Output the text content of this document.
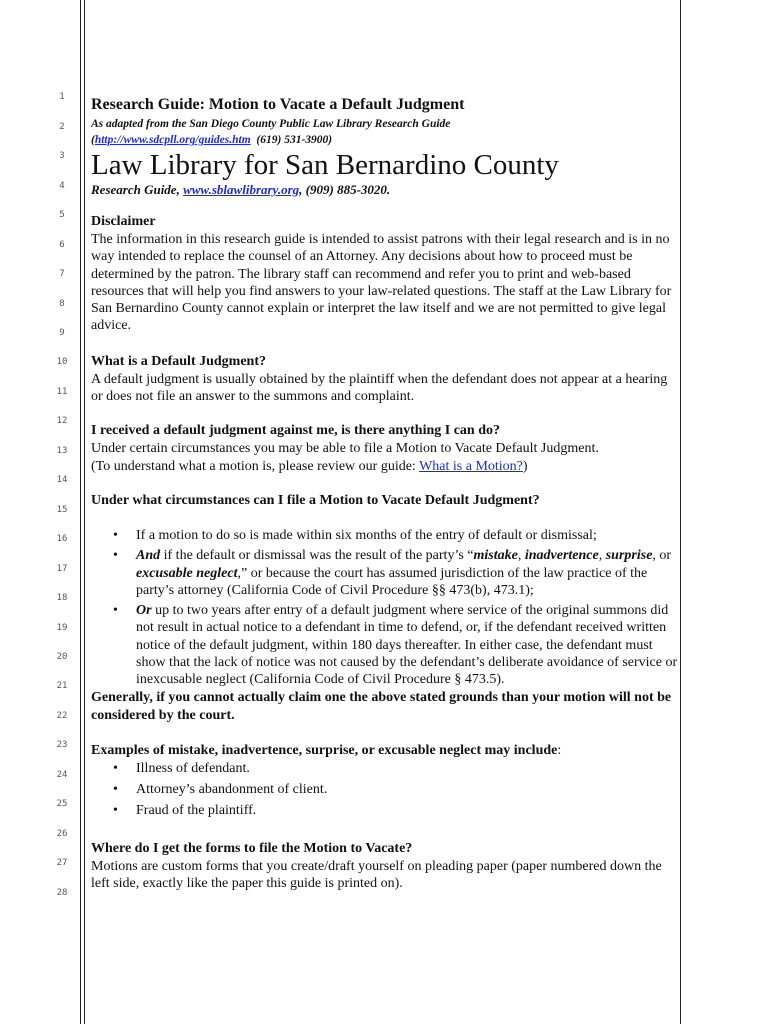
1
2
3
4
5
6
7
8
9
10
11
12
13
14
15
16
17
18
19
20
21
22
23
24
25
26
27
28

Research Guide: Motion to Vacate a Default Judgment

As adapted from the San Diego County Public Law Library Research Guide

(http://www.sdcpll.org/guides.htm  (619) 531-3900)

Law Library for San Bernardino County

Research Guide, www.sblawlibrary.org, (909) 885-3020.

Disclaimer

The information in this research guide is intended to assist patrons with their legal research and is in no way intended to replace the counsel of an Attorney. Any decisions about how to proceed must be determined by the patron. The library staff can recommend and refer you to print and web-based resources that will help you find answers to your law-related questions. The staff at the Law Library for San Bernardino County cannot explain or interpret the law itself and we are not permitted to give legal advice.

What is a Default Judgment?

A default judgment is usually obtained by the plaintiff when the defendant does not appear at a hearing or does not file an answer to the summons and complaint.

I received a default judgment against me, is there anything I can do?

Under certain circumstances you may be able to file a Motion to Vacate Default Judgment.

(To understand what a motion is, please review our guide: What is a Motion?)

Under what circumstances can I file a Motion to Vacate Default Judgment?

• If a motion to do so is made within six months of the entry of default or dismissal;
• And if the default or dismissal was the result of the party’s “mistake, inadvertence, surprise, or excusable neglect,” or because the court has assumed jurisdiction of the law practice of the party’s attorney (California Code of Civil Procedure §§ 473(b), 473.1);
• Or up to two years after entry of a default judgment where service of the original summons did not result in actual notice to a defendant in time to defend, or, if the defendant received written notice of the default judgment, within 180 days thereafter. In either case, the defendant must show that the lack of notice was not caused by the defendant’s deliberate avoidance of service or inexcusable neglect (California Code of Civil Procedure § 473.5).

Generally, if you cannot actually claim one the above stated grounds than your motion will not be considered by the court.

Examples of mistake, inadvertence, surprise, or excusable neglect may include:

• Illness of defendant.
• Attorney’s abandonment of client.
• Fraud of the plaintiff.

Where do I get the forms to file the Motion to Vacate?

Motions are custom forms that you create/draft yourself on pleading paper (paper numbered down the left side, exactly like the paper this guide is printed on).
